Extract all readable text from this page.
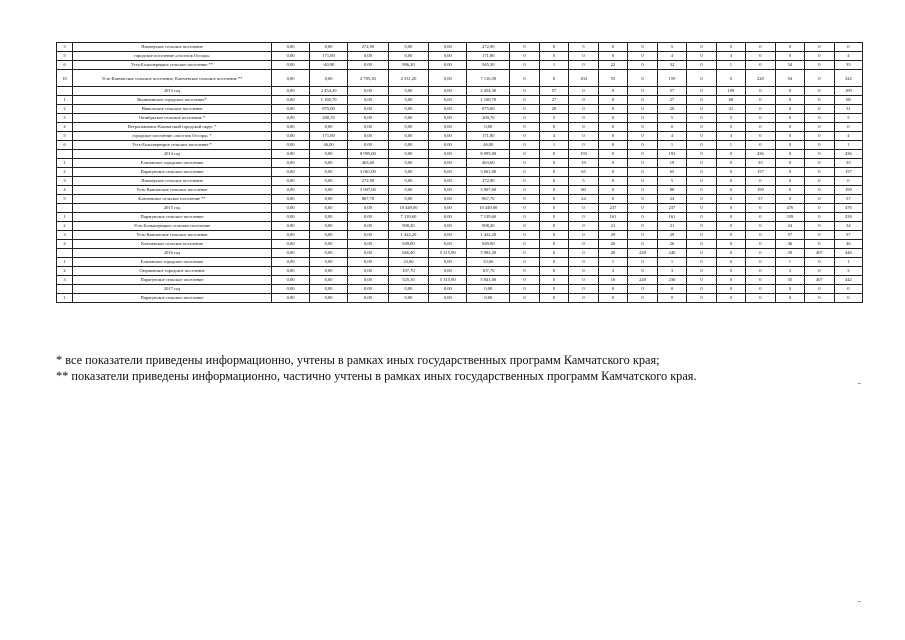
3	Пионерское сельское поселение	0,00	0,00	272,90	0,00	0,00	272,90	0	0	5	0	0	5	0	0	0	0	0	0
5	городское поселение «поселок Оссора»	0,00	171,80	0,00	0,00	0,00	171,80	0	0	0	0	0	4	0	4	0	0	0	4
6	Усть-Большерецкое сельское поселение **	0,00	-40,90	0,00	986,20	0,00	945,30	0	1	0	22	0	32	0	1	0	34	0	35
10	Усть-Камчатское сельское поселение, Ключевское сельское поселение **	0,00	0,00	4 785,30	2 331,20	0,00	7 116,50	0	0	104	55	0	159	0	0	228	94	0	322
	2013 год	0,00	2 454,30	0,00	0,00	0,00	2 454,30	0	57	0	0	0	57	0	109	0	0	0	109
1	Вилючинское городское поселение*	0,00	1 160,70	0,00	0,00	0,00	1 160,70	0	27	0	0	0	27	0	68	0	0	0	68
2	Никольское сельское поселение	0,00	875,00	0,00	0,00	0,00	875,00	0	20	0	0	0	20	0	31	0	0	0	31
3	Октябрьское сельское поселение *	0,00	200,70	0,00	0,00	0,00	200,70	0	5	0	0	0	5	0	5	0	0	0	5
4	Петропавловск-Камчатский городской округ *	0,00	0,00	0,00	0,00	0,00	0,00	0	0	0	0	0	0	0	0	0	0	0	0
5	городское поселение «поселок Оссора» *	0,00	171,80	0,00	0,00	0,00	171,80	0	4	0	0	0	4	0	4	0	0	0	4
6	Усть-Большерецкое сельское поселение *	0,00	46,00	0,00	0,00	0,00	46,00	0	1	0	0	0	1	0	1	0	0	0	1
	2014 год	0,00	0,00	8 995,00	0,00	0,00	8 995,00	0	0	193	0	0	193	0	0	436	0	0	436
1	Елизовское городское поселение	0,00	0,00	463,60	0,00	0,00	463,60	0	0	19	0	0	19	0	0	35	0	0	35
2	Паратунское сельское поселение	0,00	0,00	3 061,00	0,00	0,00	3 061,00	0	0	65	0	0	65	0	0	157	0	0	157
3	Пионерское сельское поселение	0,00	0,00	272,90	0,00	0,00	272,90	0	0	5	0	0	5	0	0	0	0	0	0
4	Усть-Камчатское сельское поселение	0,00	0,00	3 907,60	0,00	0,00	3 907,60	0	0	80	0	0	80	0	0	199	0	0	199
5	Ключевское сельское поселение **	0,00	0,00	867,70	0,00	0,00	867,70	0	0	24	0	0	24	0	0	57	0	0	57
	2015 год	0,00	0,00	0,00	10 449,00	0,00	10 449,00	0	0	0	237	0	237	0	0	0	476	0	476
1	Паратунское сельское поселение	0,00	0,00	0,00	7 139,60	0,00	7 139,60	0	0	0	161	0	161	0	0	0	339	0	339
2	Усть-Большерецкое сельское поселение	0,00	0,00	0,00	908,20	0,00	908,20	0	0	0	21	0	21	0	0	0	34	0	34
3	Усть-Камчатское сельское поселение	0,00	0,00	0,00	1 422,20	0,00	1 422,20	0	0	0	29	0	29	0	0	0	57	0	57
4	Ключевское сельское поселение	0,00	0,00	0,00	949,00	0,00	949,00	0	0	0	26	0	26	0	0	0	46	0	46
	2016 год	0,00	0,00	0,00	666,40	5 315,90	5 982,30	0	0	0	20	220	240	0	0	0	39	407	446
1	Елизовское городское поселение	0,00	0,00	0,00	33,60	0,00	33,60	0	0	0	1	0	1	0	0	0	1	0	1
2	Озерновское городское поселение	0,00	0,00	0,00	107,70	0,00	107,70	0	0	0	3	0	3	0	0	0	3	0	3
3	Паратунское сельское поселение	0,00	0,00	0,00	525,10	5 315,90	5 841,00	0	0	0	16	220	236	0	0	0	35	407	442
	2017 год	0,00	0,00	0,00	0,00	0,00	0,00	0	0	0	0	0	0	0	0	0	0	0	0
1	Паратунское сельское поселение	0,00	0,00	0,00	0,00	0,00	0,00	0	0	0	0	0	0	0	0	0	0	0	0
* все показатели приведены информационно, учтены в рамках иных государственных программ Камчатского края;
** показатели приведены информационно, частично учтены в рамках иных государственных программ Камчатского края.
-
-
